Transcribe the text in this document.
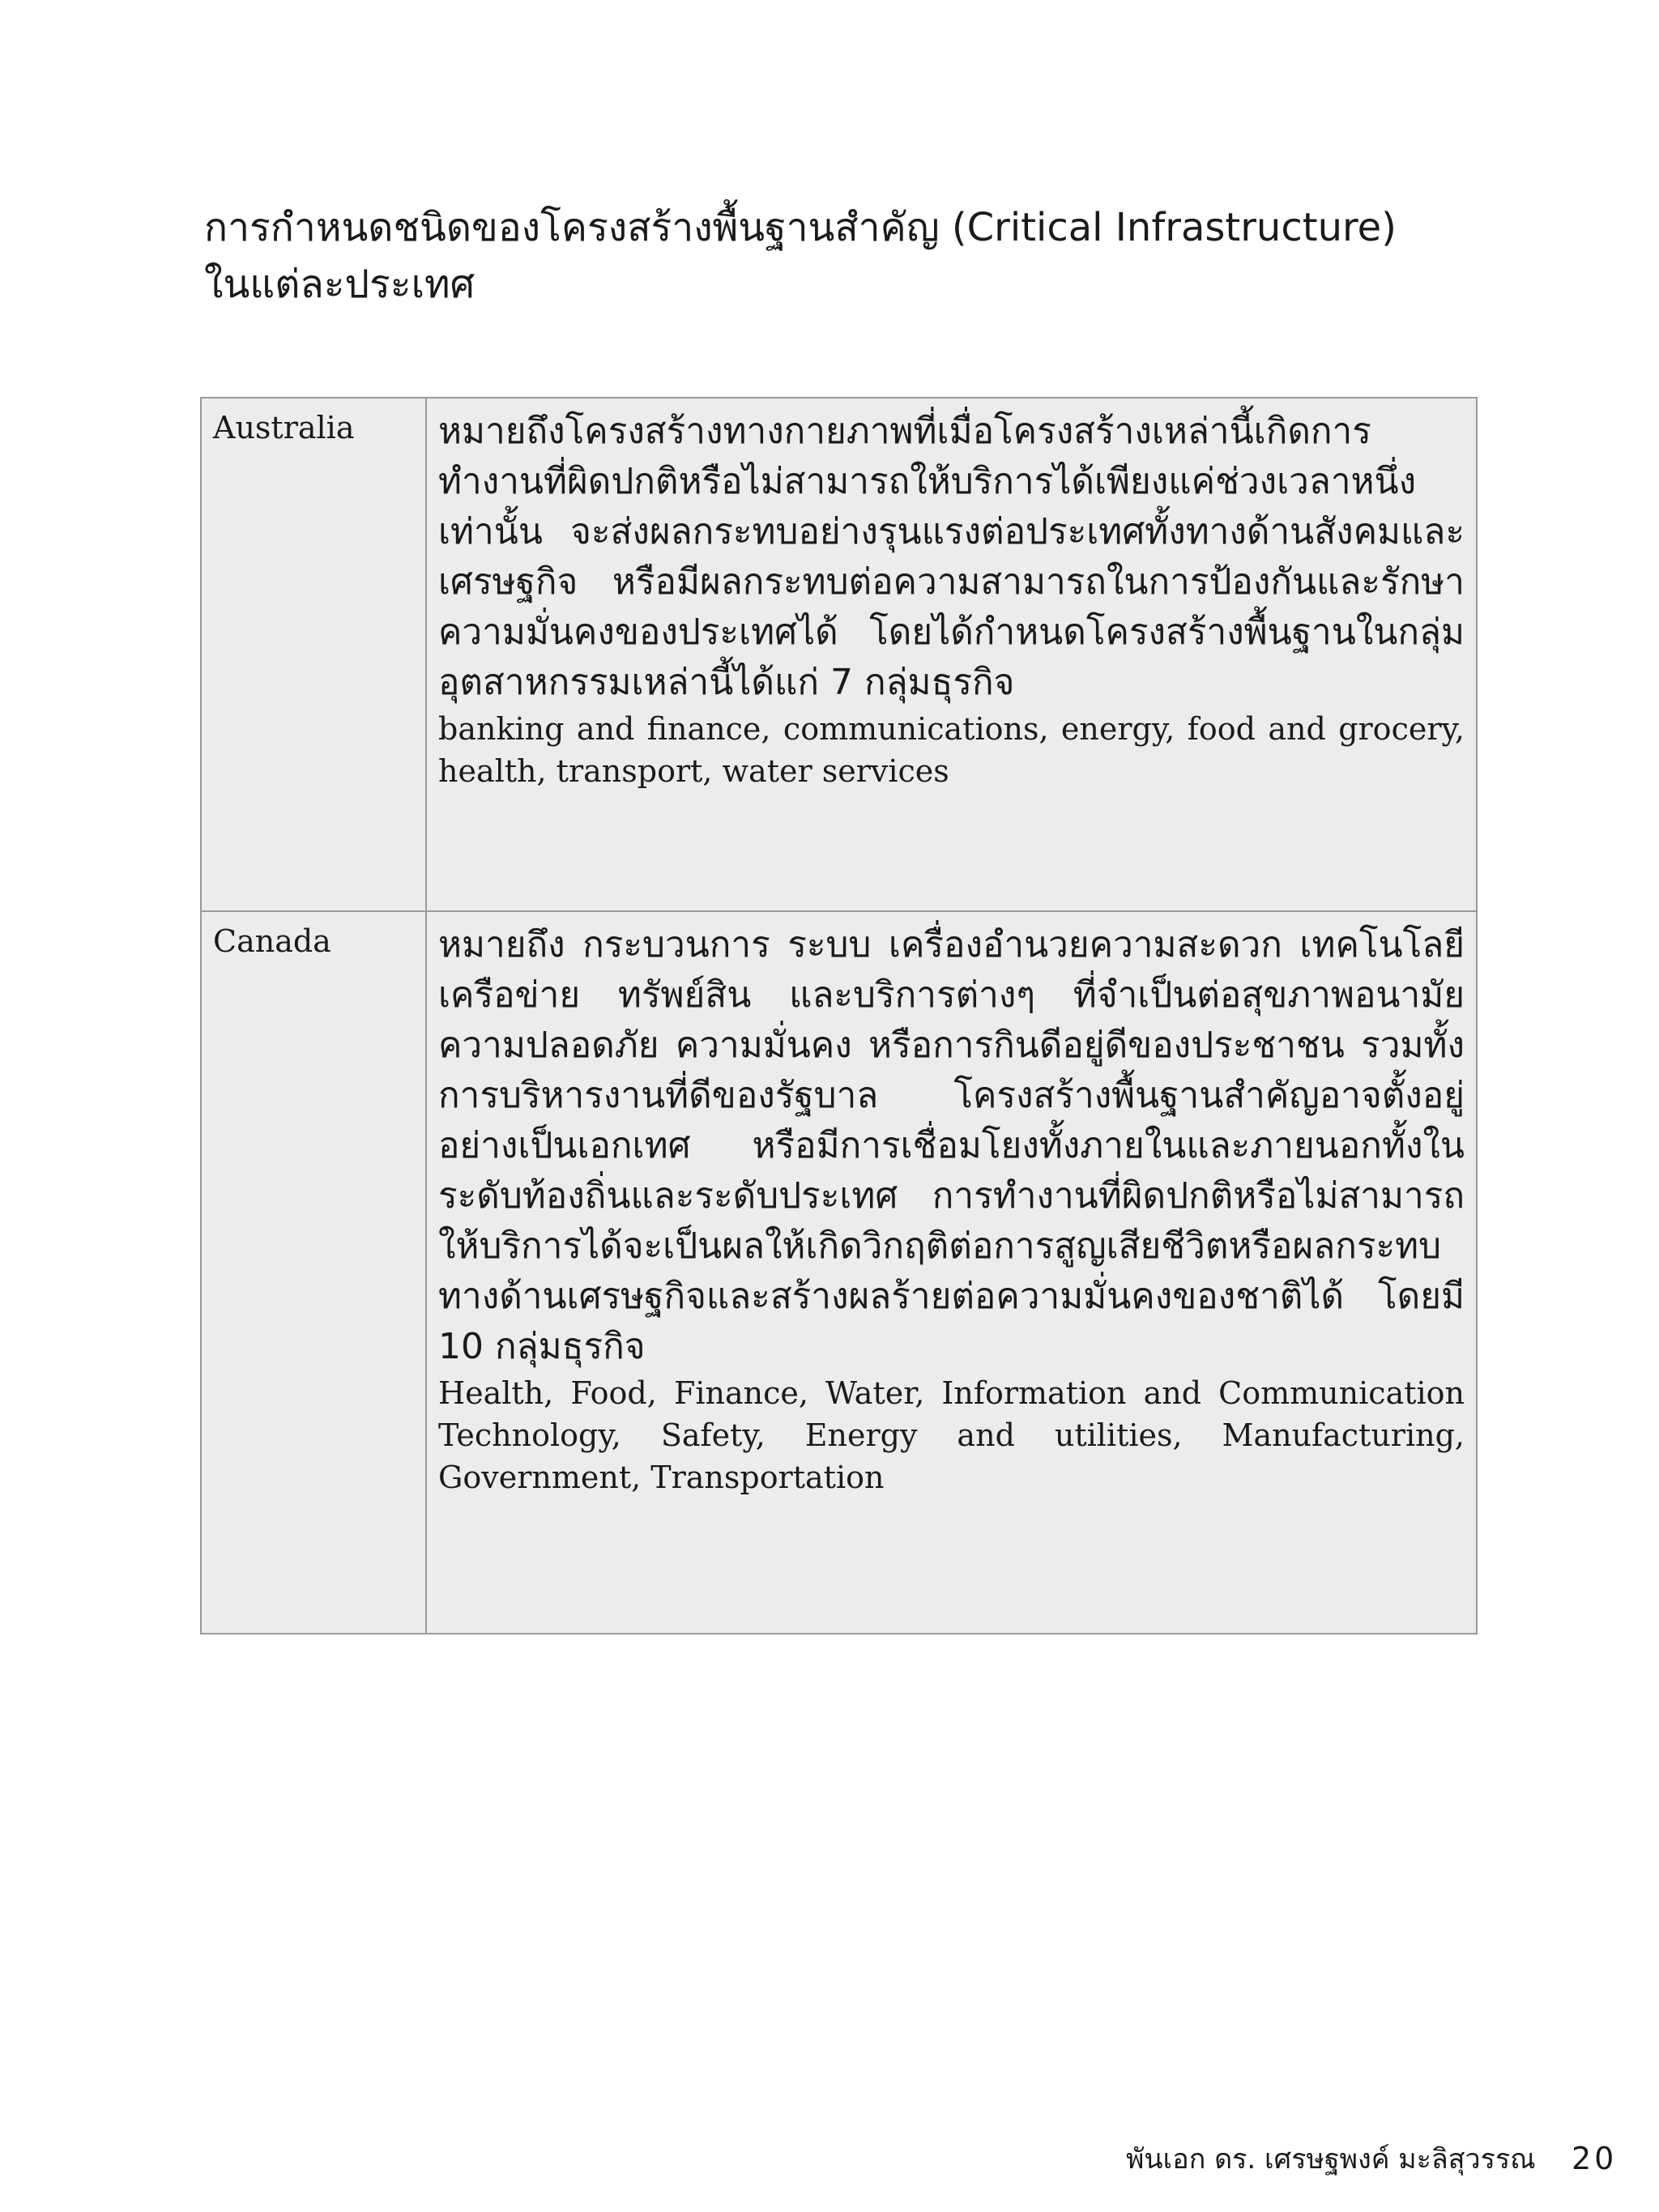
การกำหนดชนิดของโครงสร้างพื้นฐานสำคัญ (Critical Infrastructure)
ในแต่ละประเทศ
Australia	หมายถึงโครงสร้างทางกายภาพที่เมื่อโครงสร้างเหล่านี้เกิดการทำงานที่ผิดปกติหรือไม่สามารถให้บริการได้เพียงแค่ช่วงเวลาหนึ่งเท่านั้น จะส่งผลกระทบอย่างรุนแรงต่อประเทศทั้งทางด้านสังคมและเศรษฐกิจ หรือมีผลกระทบต่อความสามารถในการป้องกันและรักษาความมั่นคงของประเทศได้ โดยได้กำหนดโครงสร้างพื้นฐานในกลุ่มอุตสาหกรรมเหล่านี้ได้แก่ 7 กลุ่มธุรกิจ
banking and finance, communications, energy, food and grocery, health, transport, water services

Canada	หมายถึง กระบวนการ ระบบ เครื่องอำนวยความสะดวก เทคโนโลยี เครือข่าย ทรัพย์สิน และบริการต่างๆ ที่จำเป็นต่อสุขภาพอนามัย ความปลอดภัย ความมั่นคง หรือการกินดีอยู่ดีของประชาชน รวมทั้งการบริหารงานที่ดีของรัฐบาล โครงสร้างพื้นฐานสำคัญอาจตั้งอยู่อย่างเป็นเอกเทศ หรือมีการเชื่อมโยงทั้งภายในและภายนอกทั้งในระดับท้องถิ่นและระดับประเทศ การทำงานที่ผิดปกติหรือไม่สามารถให้บริการได้จะเป็นผลให้เกิดวิกฤติต่อการสูญเสียชีวิตหรือผลกระทบทางด้านเศรษฐกิจและสร้างผลร้ายต่อความมั่นคงของชาติได้ โดยมี 10 กลุ่มธุรกิจ
Health, Food, Finance, Water, Information and Communication Technology, Safety, Energy and utilities, Manufacturing, Government, Transportation
พันเอก ดร. เศรษฐพงค์ มะลิสุวรรณ 20
